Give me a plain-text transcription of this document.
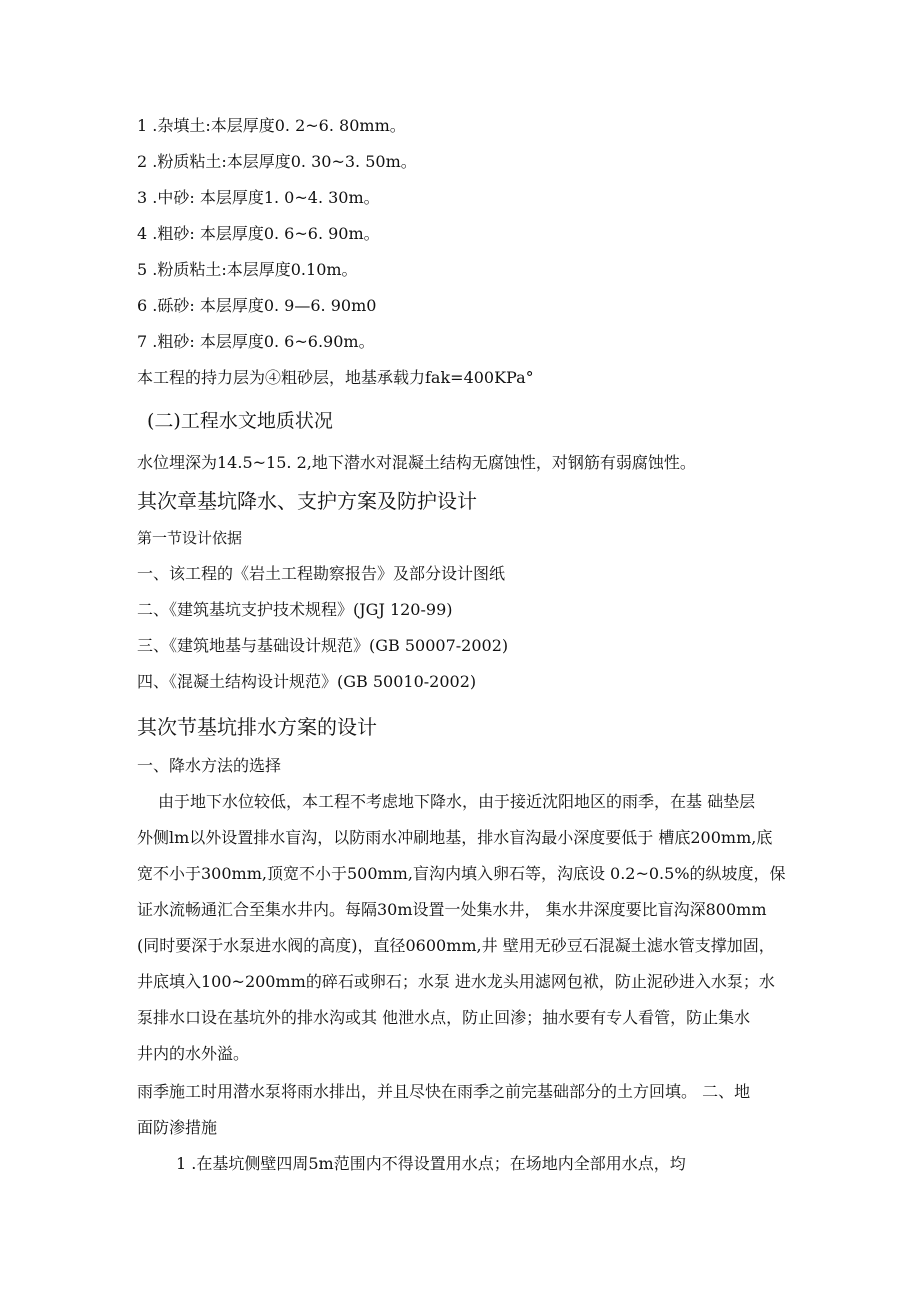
1 .杂填土:本层厚度0. 2~6. 80mm。
2 .粉质粘土:本层厚度0. 30~3. 50m。
3 .中砂: 本层厚度1. 0~4. 30m。
4 .粗砂: 本层厚度0. 6~6. 90m。
5 .粉质粘土:本层厚度0.10m。
6 .砾砂: 本层厚度0. 9—6. 90m0
7 .粗砂: 本层厚度0. 6~6.90m。
本工程的持力层为④粗砂层，地基承载力fak=400KPa°
(二)工程水文地质状况
水位埋深为14.5~15. 2,地下潜水对混凝土结构无腐蚀性，对钢筋有弱腐蚀性。
其次章基坑降水、支护方案及防护设计
第一节设计依据
一、该工程的《岩土工程勘察报告》及部分设计图纸
二、《建筑基坑支护技术规程》(JGJ 120-99)
三、《建筑地基与基础设计规范》(GB 50007-2002)
四、《混凝土结构设计规范》(GB 50010-2002)
其次节基坑排水方案的设计
一、降水方法的选择
由于地下水位较低，本工程不考虑地下降水，由于接近沈阳地区的雨季，在基 础垫层
外侧lm以外设置排水盲沟，以防雨水冲刷地基，排水盲沟最小深度要低于 槽底200mm,底
宽不小于300mm,顶宽不小于500mm,盲沟内填入卵石等，沟底设 0.2~0.5%的纵坡度，保
证水流畅通汇合至集水井内。每隔30m设置一处集水井， 集水井深度要比盲沟深800mm
(同时要深于水泵进水阀的高度)，直径0600mm,井 壁用无砂豆石混凝土滤水管支撑加固，
井底填入100~200mm的碎石或卵石；水泵 进水龙头用滤网包袱，防止泥砂进入水泵；水
泵排水口设在基坑外的排水沟或其 他泄水点，防止回渗；抽水要有专人看管，防止集水
井内的水外溢。
雨季施工时用潜水泵将雨水排出，并且尽快在雨季之前完基础部分的土方回填。 二、地
面防渗措施
1 .在基坑侧壁四周5m范围内不得设置用水点；在场地内全部用水点，均
